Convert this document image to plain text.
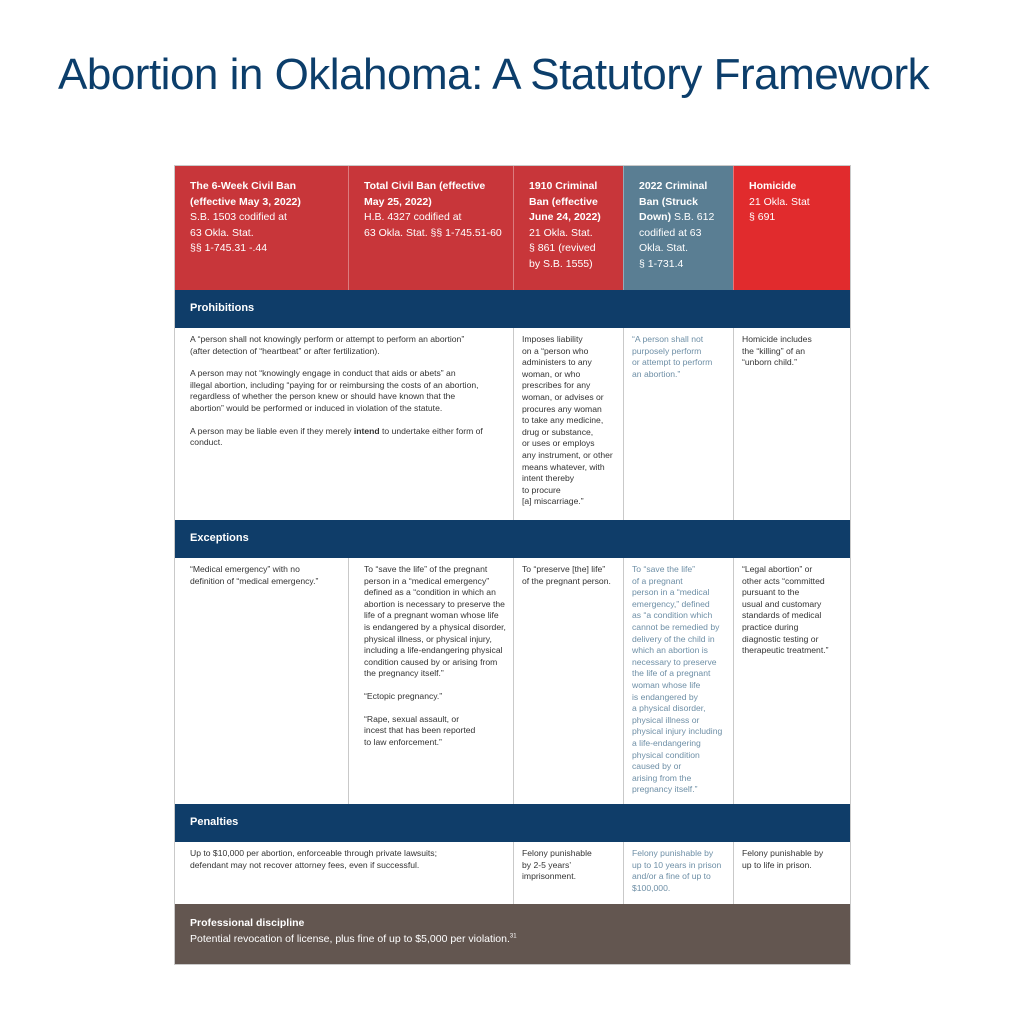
Abortion in Oklahoma: A Statutory Framework
The 6-Week Civil Ban (effective May 3, 2022)
S.B. 1503 codified at
63 Okla. Stat.
§§ 1-745.31 -.44
Total Civil Ban (effective May 25, 2022)
H.B. 4327 codified at
63 Okla. Stat. §§ 1-745.51-60
1910 Criminal Ban (effective June 24, 2022)
21 Okla. Stat.
§ 861 (revived
by S.B. 1555)
2022 Criminal Ban (Struck Down) S.B. 612 codified at 63 Okla. Stat.
§ 1-731.4
Homicide
21 Okla. Stat
§ 691
Prohibitions

A “person shall not knowingly perform or attempt to perform an abortion”
(after detection of “heartbeat” or after fertilization).

A person may not “knowingly engage in conduct that aids or abets” an
illegal abortion, including “paying for or reimbursing the costs of an abortion,
regardless of whether the person knew or should have known that the
abortion” would be performed or induced in violation of the statute.

A person may be liable even if they merely intend to undertake either form of
conduct.

Imposes liability
on a “person who
administers to any
woman, or who
prescribes for any
woman, or advises or
procures any woman
to take any medicine,
drug or substance,
or uses or employs
any instrument, or other
means whatever, with
intent thereby
to procure
[a] miscarriage.”

“A person shall not
purposely perform
or attempt to perform
an abortion.”

Homicide includes
the “killing” of an
“unborn child.”

Exceptions

“Medical emergency” with no
definition of “medical emergency.”

To “save the life” of the pregnant
person in a “medical emergency”
defined as a “condition in which an
abortion is necessary to preserve the
life of a pregnant woman whose life
is endangered by a physical disorder,
physical illness, or physical injury,
including a life-endangering physical
condition caused by or arising from
the pregnancy itself.”

“Ectopic pregnancy.”

“Rape, sexual assault, or
incest that has been reported
to law enforcement.”

To “preserve [the] life”
of the pregnant person.

To “save the life”
of a pregnant
person in a “medical
emergency,” defined
as “a condition which
cannot be remedied by
delivery of the child in
which an abortion is
necessary to preserve
the life of a pregnant
woman whose life
is endangered by
a physical disorder,
physical illness or
physical injury including
a life-endangering
physical condition
caused by or
arising from the
pregnancy itself.”

“Legal abortion” or
other acts “committed
pursuant to the
usual and customary
standards of medical
practice during
diagnostic testing or
therapeutic treatment.”

Penalties

Up to $10,000 per abortion, enforceable through private lawsuits;
defendant may not recover attorney fees, even if successful.

Felony punishable
by 2-5 years’
imprisonment.

Felony punishable by
up to 10 years in prison
and/or a fine of up to
$100,000.

Felony punishable by
up to life in prison.

Professional discipline
Potential revocation of license, plus fine of up to $5,000 per violation.$^{31}$
